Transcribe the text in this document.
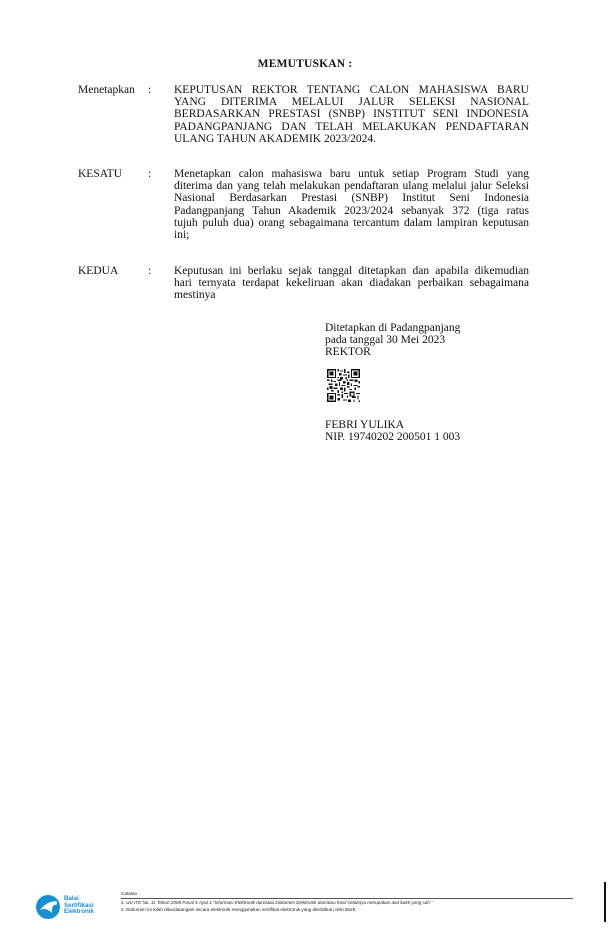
MEMUTUSKAN :
Menetapkan : KEPUTUSAN REKTOR TENTANG CALON MAHASISWA BARU
YANG DITERIMA MELALUI JALUR SELEKSI NASIONAL
BERDASARKAN PRESTASI (SNBP) INSTITUT SENI INDONESIA
PADANGPANJANG DAN TELAH MELAKUKAN PENDAFTARAN
ULANG TAHUN AKADEMIK 2023/2024.
KESATU : Menetapkan calon mahasiswa baru untuk setiap Program Studi yang
diterima dan yang telah melakukan pendaftaran ulang melalui jalur Seleksi
Nasional Berdasarkan Prestasi (SNBP) Institut Seni Indonesia
Padangpanjang Tahun Akademik 2023/2024 sebanyak 372 (tiga ratus
tujuh puluh dua) orang sebagaimana tercantum dalam lampiran keputusan
ini;
KEDUA	: Keputusan ini berlaku sejak tanggal ditetapkan dan apabila dikemudian
hari ternyata terdapat kekeliruan akan diadakan perbaikan sebagaimana
mestinya
Ditetapkan di Padangpanjang
pada tanggal 30 Mei 2023
REKTOR
FEBRI YULIKA
NIP. 19740202 200501 1 003
Balai
Sertifikasi
Elektronik
Catatan :
1. UU ITE No. 11 Tahun 2008 Pasal 5 Ayat 1 "Informasi Elektronik dan/atau Dokumen Elektronik dan/atau hasil cetaknya merupakan alat bukti yang sah."
2. Dokumen ini telah ditandatangani secara elektronik menggunakan sertifikat elektronik yang diterbitkan oleh BSrE
